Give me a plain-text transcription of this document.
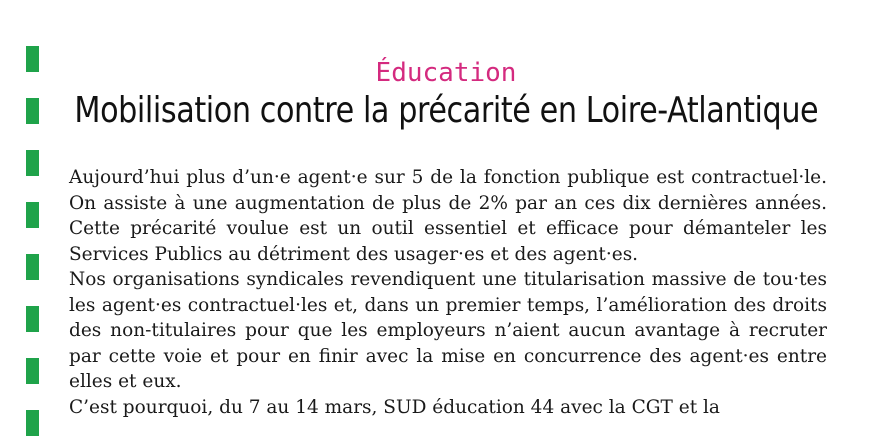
Éducation
Mobilisation contre la précarité en Loire-Atlantique

Aujourd’hui plus d’un·e agent·e sur 5 de la fonction publique est contractuel·le. On assiste à une augmentation de plus de 2% par an ces dix dernières années. Cette précarité voulue est un outil essentiel et efficace pour démanteler les Services Publics au détriment des usager·es et des agent·es.

Nos organisations syndicales revendiquent une titularisation massive de tou·tes les agent·es contractuel·les et, dans un premier temps, l’amélioration des droits des non-titulaires pour que les employeurs n’aient aucun avantage à recruter par cette voie et pour en finir avec la mise en concurrence des agent·es entre elles et eux.

C’est pourquoi, du 7 au 14 mars, SUD éducation 44 avec la CGT et la
